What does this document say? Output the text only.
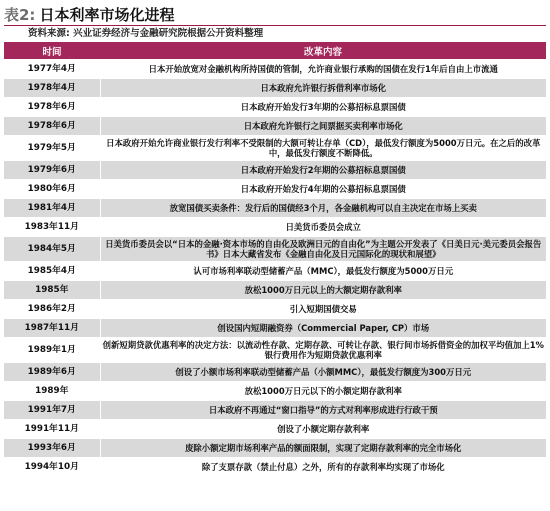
表2: 日本利率市场化进程
资料来源: 兴业证券经济与金融研究院根据公开资料整理
时间	改革内容
1977年4月	日本开始放宽对金融机构所持国债的管制，允许商业银行承购的国债在发行1年后自由上市流通
1978年4月	日本政府允许银行拆借利率市场化
1978年6月	日本政府开始发行3年期的公募招标息票国债
1978年6月	日本政府允许银行之间票据买卖利率市场化
1979年5月	日本政府开始允许商业银行发行利率不受限制的大额可转让存单（CD），最低发行额度为5000万日元。在之后的改革中，最低发行额度不断降低。
1979年6月	日本政府开始发行2年期的公募招标息票国债
1980年6月	日本政府开始发行4年期的公募招标息票国债
1981年4月	放宽国债买卖条件：发行后的国债经3个月，各金融机构可以自主决定在市场上买卖
1983年11月	日美货币委员会成立
1984年5月	日美货币委员会以“日本的金融·资本市场的自由化及欧洲日元的自由化”为主题公开发表了《日美日元·美元委员会报告书》日本大藏省发布《金融自由化及日元国际化的现状和展望》
1985年4月	认可市场利率联动型储蓄产品（MMC），最低发行额度为5000万日元
1985年	放松1000万日元以上的大额定期存款利率
1986年2月	引入短期国债交易
1987年11月	创设国内短期融资券（Commercial Paper, CP）市场
1989年1月	创新短期贷款优惠利率的决定方法：以流动性存款、定期存款、可转让存款、银行间市场拆借资金的加权平均值加上1%银行费用作为短期贷款优惠利率
1989年6月	创设了小额市场利率联动型储蓄产品（小额MMC），最低发行额度为300万日元
1989年	放松1000万日元以下的小额定期存款利率
1991年7月	日本政府不再通过“窗口指导”的方式对利率形成进行行政干预
1991年11月	创设了小额定期存款利率
1993年6月	废除小额定期市场利率产品的额面限制，实现了定期存款利率的完全市场化
1994年10月	除了支票存款（禁止付息）之外，所有的存款利率均实现了市场化
